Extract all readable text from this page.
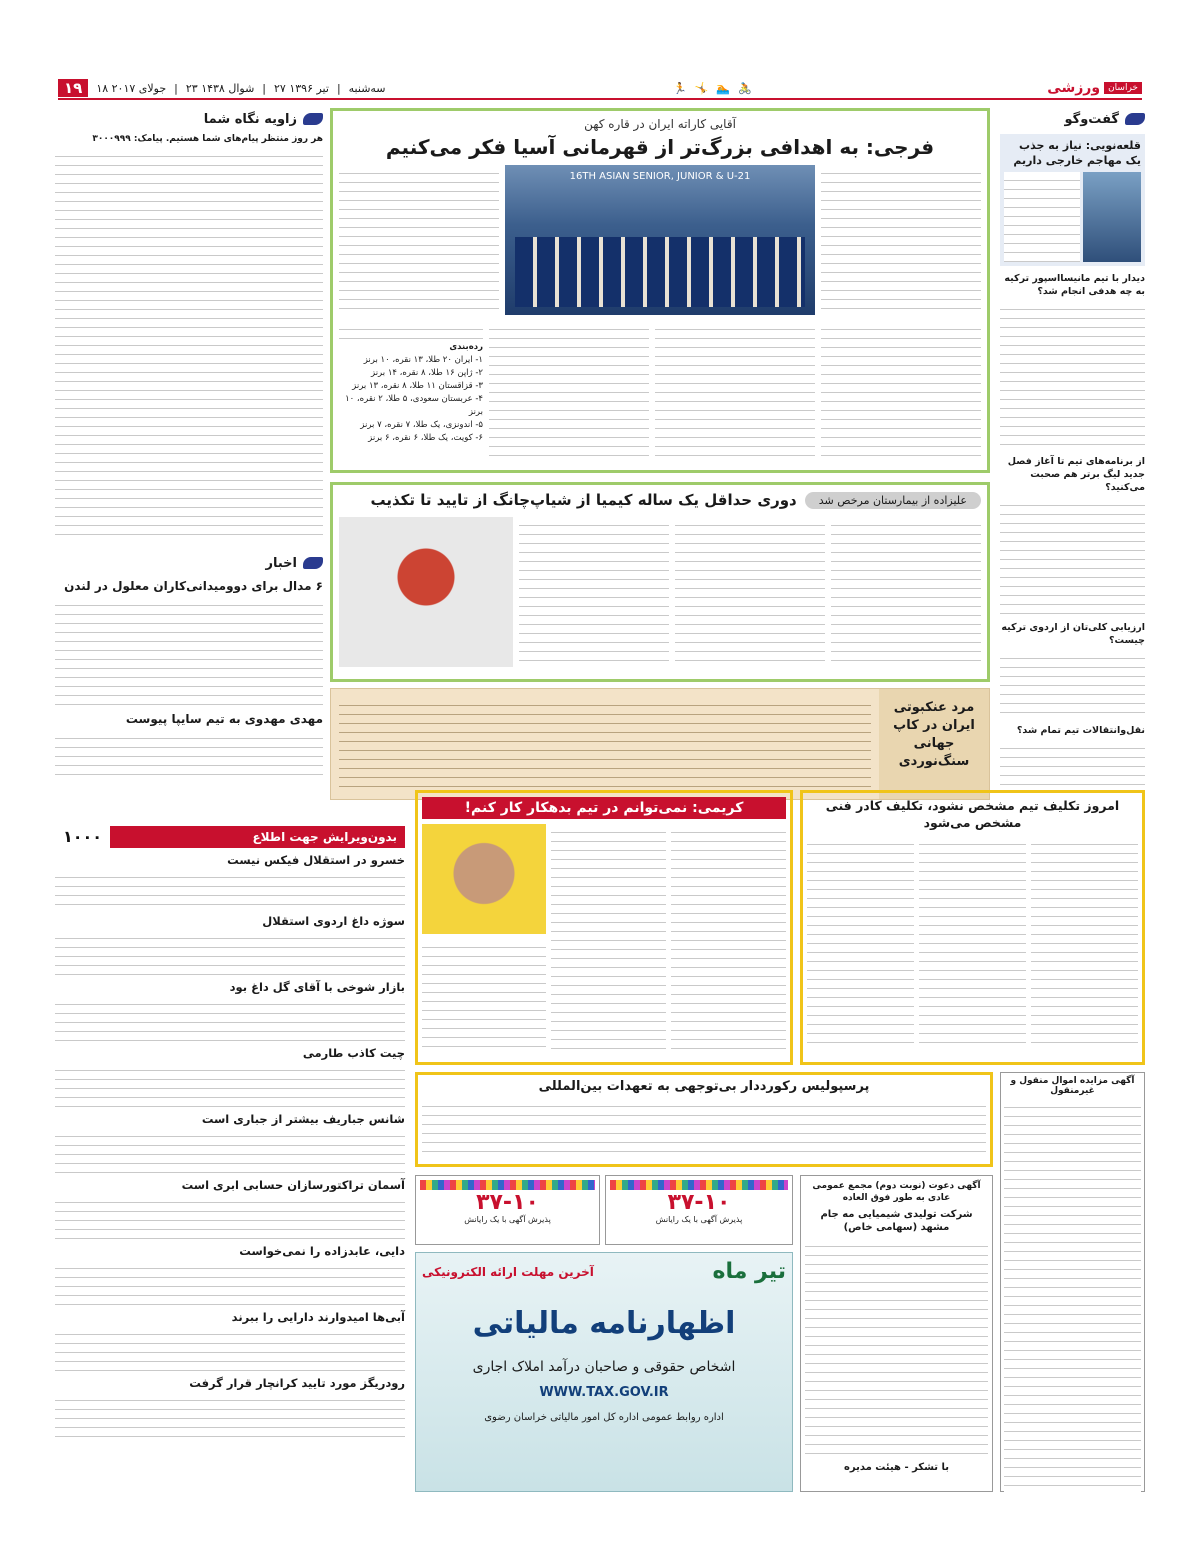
۱۹	۱۸ جولای ۲۰۱۷ | ۲۳ شوال ۱۴۳۸ | ۲۷ تیر ۱۳۹۶ | سه‌شنبه	🏃🤸🏊🚴	ورزشی خراسان
گفت‌وگو
قلعه‌نویی: نیاز به جذب یک مهاجم خارجی داریم
دیدار با تیم مانیسااسپور ترکیه به چه هدفی انجام شد؟
از برنامه‌های تیم تا آغاز فصل جدید لیگ برتر هم صحبت می‌کنید؟
ارزیابی کلی‌تان از اردوی ترکیه چیست؟
نقل‌وانتقالات تیم تمام شد؟
آقایی کاراته ایران در قاره کهن
فرجی: به اهدافی بزرگ‌تر از قهرمانی آسیا فکر می‌کنیم
16TH ASIAN SENIOR, JUNIOR & U-21
رده‌بندی
۱- ایران ۲۰ طلا، ۱۳ نقره، ۱۰ برنز
۲- ژاپن ۱۶ طلا، ۸ نقره، ۱۴ برنز
۳- قزاقستان ۱۱ طلا، ۸ نقره، ۱۳ برنز
۴- عربستان سعودی، ۵ طلا، ۲ نقره، ۱۰ برنز
۵- اندونزی، یک طلا، ۷ نقره، ۷ برنز
۶- کویت، یک طلا، ۶ نقره، ۶ برنز
علیزاده از بیمارستان مرخص شد
دوری حداقل یک ساله کیمیا از شیاپ‌چانگ از تایید تا تکذیب
مرد عنکبوتی ایران در کاپ جهانی سنگ‌نوردی
زاویه نگاه شما
هر روز منتظر پیام‌های شما هستیم. پیامک: ۳۰۰۰۹۹۹
اخبار
۶ مدال برای دوومیدانی‌کاران معلول در لندن
مهدی مهدوی به تیم سایپا پیوست
بدون‌ویرایش جهت اطلاع
۱۰۰۰
خسرو در استقلال فیکس نیست
سوژه داغ اردوی استقلال
بازار شوخی با آقای گل داغ بود
چیت کاذب طارمی
شانس جباریف بیشتر از جباری است
آسمان تراکتورسازان حسابی ابری است
دایی، عابدزاده را نمی‌خواست
آبی‌ها امیدوارند دارایی را ببرند
رودریگز مورد تایید کرانچار قرار گرفت
کریمی: نمی‌توانم در تیم بدهکار کار کنم!	امروز تکلیف تیم مشخص نشود، تکلیف کادر فنی مشخص می‌شود
پرسپولیس رکورددار بی‌توجهی به تعهدات بین‌المللی	آگهی مزایده اموال منقول و غیرمنقول
آگهی دعوت (نوبت دوم) مجمع عمومی عادی به طور فوق العاده
شرکت تولیدی شیمیایی مه جام مشهد (سهامی خاص)
با تشکر - هیئت مدیره
۳۷-۱۰
پذیرش آگهی با یک رایانش
۳۷-۱۰
پذیرش آگهی با یک رایانش
تیر ماه
آخرین مهلت ارائه الکترونیکی
اظهارنامه مالیاتی
اشخاص حقوقی و صاحبان درآمد املاک اجاری
WWW.TAX.GOV.IR
اداره روابط عمومی اداره کل امور مالیاتی خراسان رضوی
